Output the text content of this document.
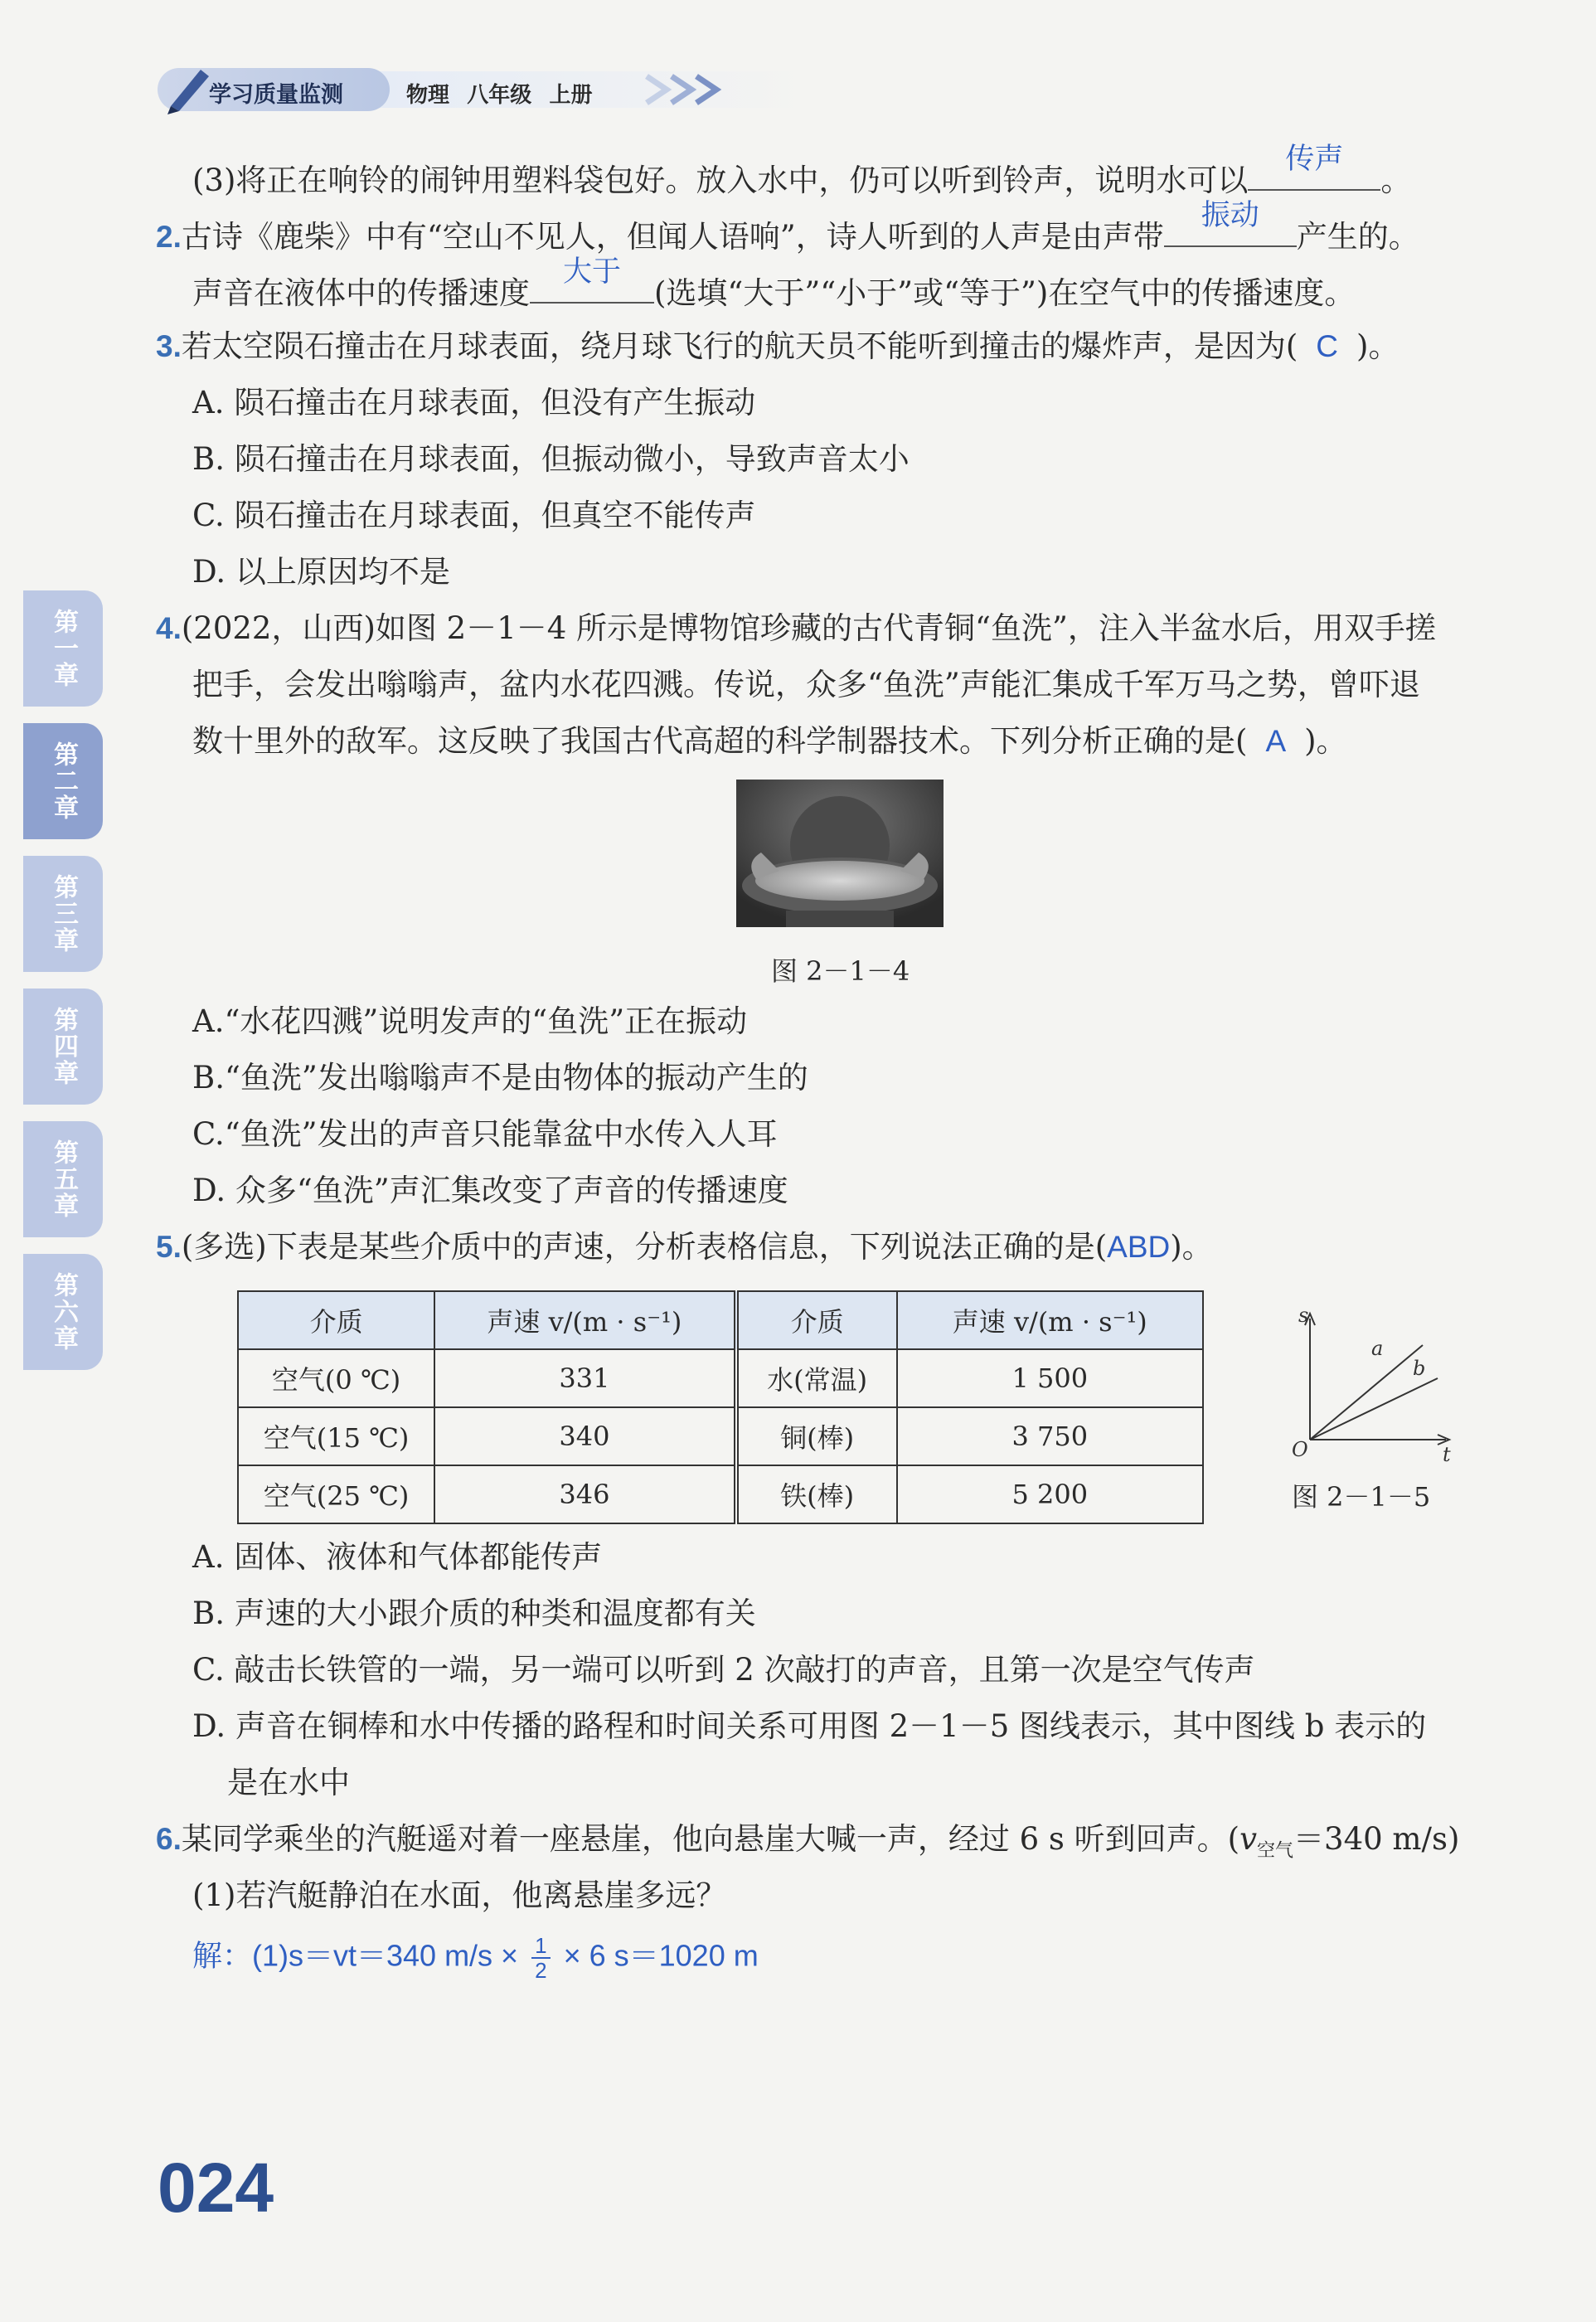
学习质量监测	物理 八年级 上册
第一章
第二章
第三章
第四章
第五章
第六章
(3)将正在响铃的闹钟用塑料袋包好。放入水中，仍可以听到铃声，说明水可以
传声
。
2.古诗《鹿柴》中有“空山不见人，但闻人语响”，诗人听到的人声是由声带
振动
产生的。
声音在液体中的传播速度
大于
(选填“大于”“小于”或“等于”)在空气中的传播速度。
3.若太空陨石撞击在月球表面，绕月球飞行的航天员不能听到撞击的爆炸声，是因为( C )。
A. 陨石撞击在月球表面，但没有产生振动
B. 陨石撞击在月球表面，但振动微小，导致声音太小
C. 陨石撞击在月球表面，但真空不能传声
D. 以上原因均不是
4.(2022，山西)如图 2－1－4 所示是博物馆珍藏的古代青铜“鱼洗”，注入半盆水后，用双手搓
把手，会发出嗡嗡声，盆内水花四溅。传说，众多“鱼洗”声能汇集成千军万马之势，曾吓退
数十里外的敌军。这反映了我国古代高超的科学制器技术。下列分析正确的是( A )。
图 2－1－4
A.“水花四溅”说明发声的“鱼洗”正在振动
B.“鱼洗”发出嗡嗡声不是由物体的振动产生的
C.“鱼洗”发出的声音只能靠盆中水传入人耳
D. 众多“鱼洗”声汇集改变了声音的传播速度
5.(多选)下表是某些介质中的声速，分析表格信息，下列说法正确的是(ABD)。
介质	声速 v/(m · s⁻¹)	介质	声速 v/(m · s⁻¹)
空气(0 ℃)	331	水(常温)	1 500
空气(15 ℃)	340	铜(棒)	3 750
空气(25 ℃)	346	铁(棒)	5 200
s
t
O
a
b
图 2－1－5
A. 固体、液体和气体都能传声
B. 声速的大小跟介质的种类和温度都有关
C. 敲击长铁管的一端，另一端可以听到 2 次敲打的声音，且第一次是空气传声
D. 声音在铜棒和水中传播的路程和时间关系可用图 2－1－5 图线表示，其中图线 b 表示的
是在水中
6.某同学乘坐的汽艇遥对着一座悬崖，他向悬崖大喊一声，经过 6 s 听到回声。($v_{空气}=340$ m/s)
(1)若汽艇静泊在水面，他离悬崖多远？
解：(1)s＝vt＝340 $m/s \times \frac{1}{2} \times 6$ s＝1020 m
024
